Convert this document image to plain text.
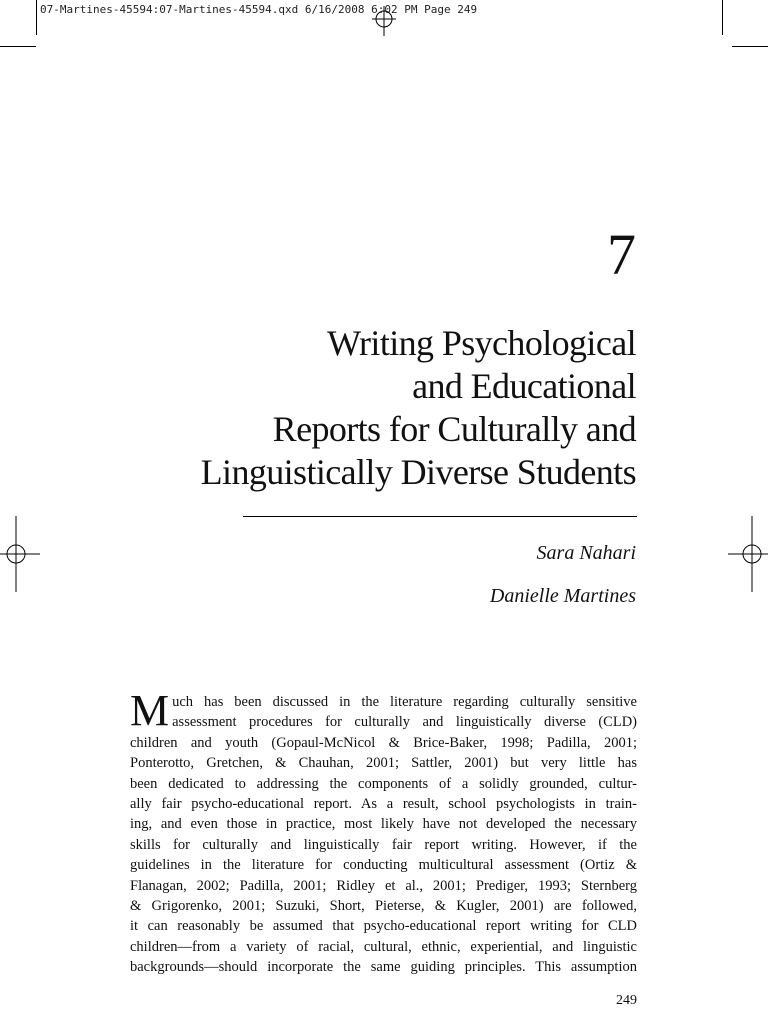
07-Martines-45594:07-Martines-45594.qxd 6/16/2008 6:02 PM Page 249
7
Writing Psychological
and Educational
Reports for Culturally and
Linguistically Diverse Students
Sara Nahari
Danielle Martines
M uch has been discussed in the literature regarding culturally sensitive
assessment procedures for culturally and linguistically diverse (CLD)
children and youth (Gopaul-McNicol & Brice-Baker, 1998; Padilla, 2001;
Ponterotto, Gretchen, & Chauhan, 2001; Sattler, 2001) but very little has
been dedicated to addressing the components of a solidly grounded, cultur-
ally fair psycho-educational report. As a result, school psychologists in train-
ing, and even those in practice, most likely have not developed the necessary
skills for culturally and linguistically fair report writing. However, if the
guidelines in the literature for conducting multicultural assessment (Ortiz &
Flanagan, 2002; Padilla, 2001; Ridley et al., 2001; Prediger, 1993; Sternberg
& Grigorenko, 2001; Suzuki, Short, Pieterse, & Kugler, 2001) are followed,
it can reasonably be assumed that psycho-educational report writing for CLD
children—from a variety of racial, cultural, ethnic, experiential, and linguistic
backgrounds—should incorporate the same guiding principles. This assumption
249
